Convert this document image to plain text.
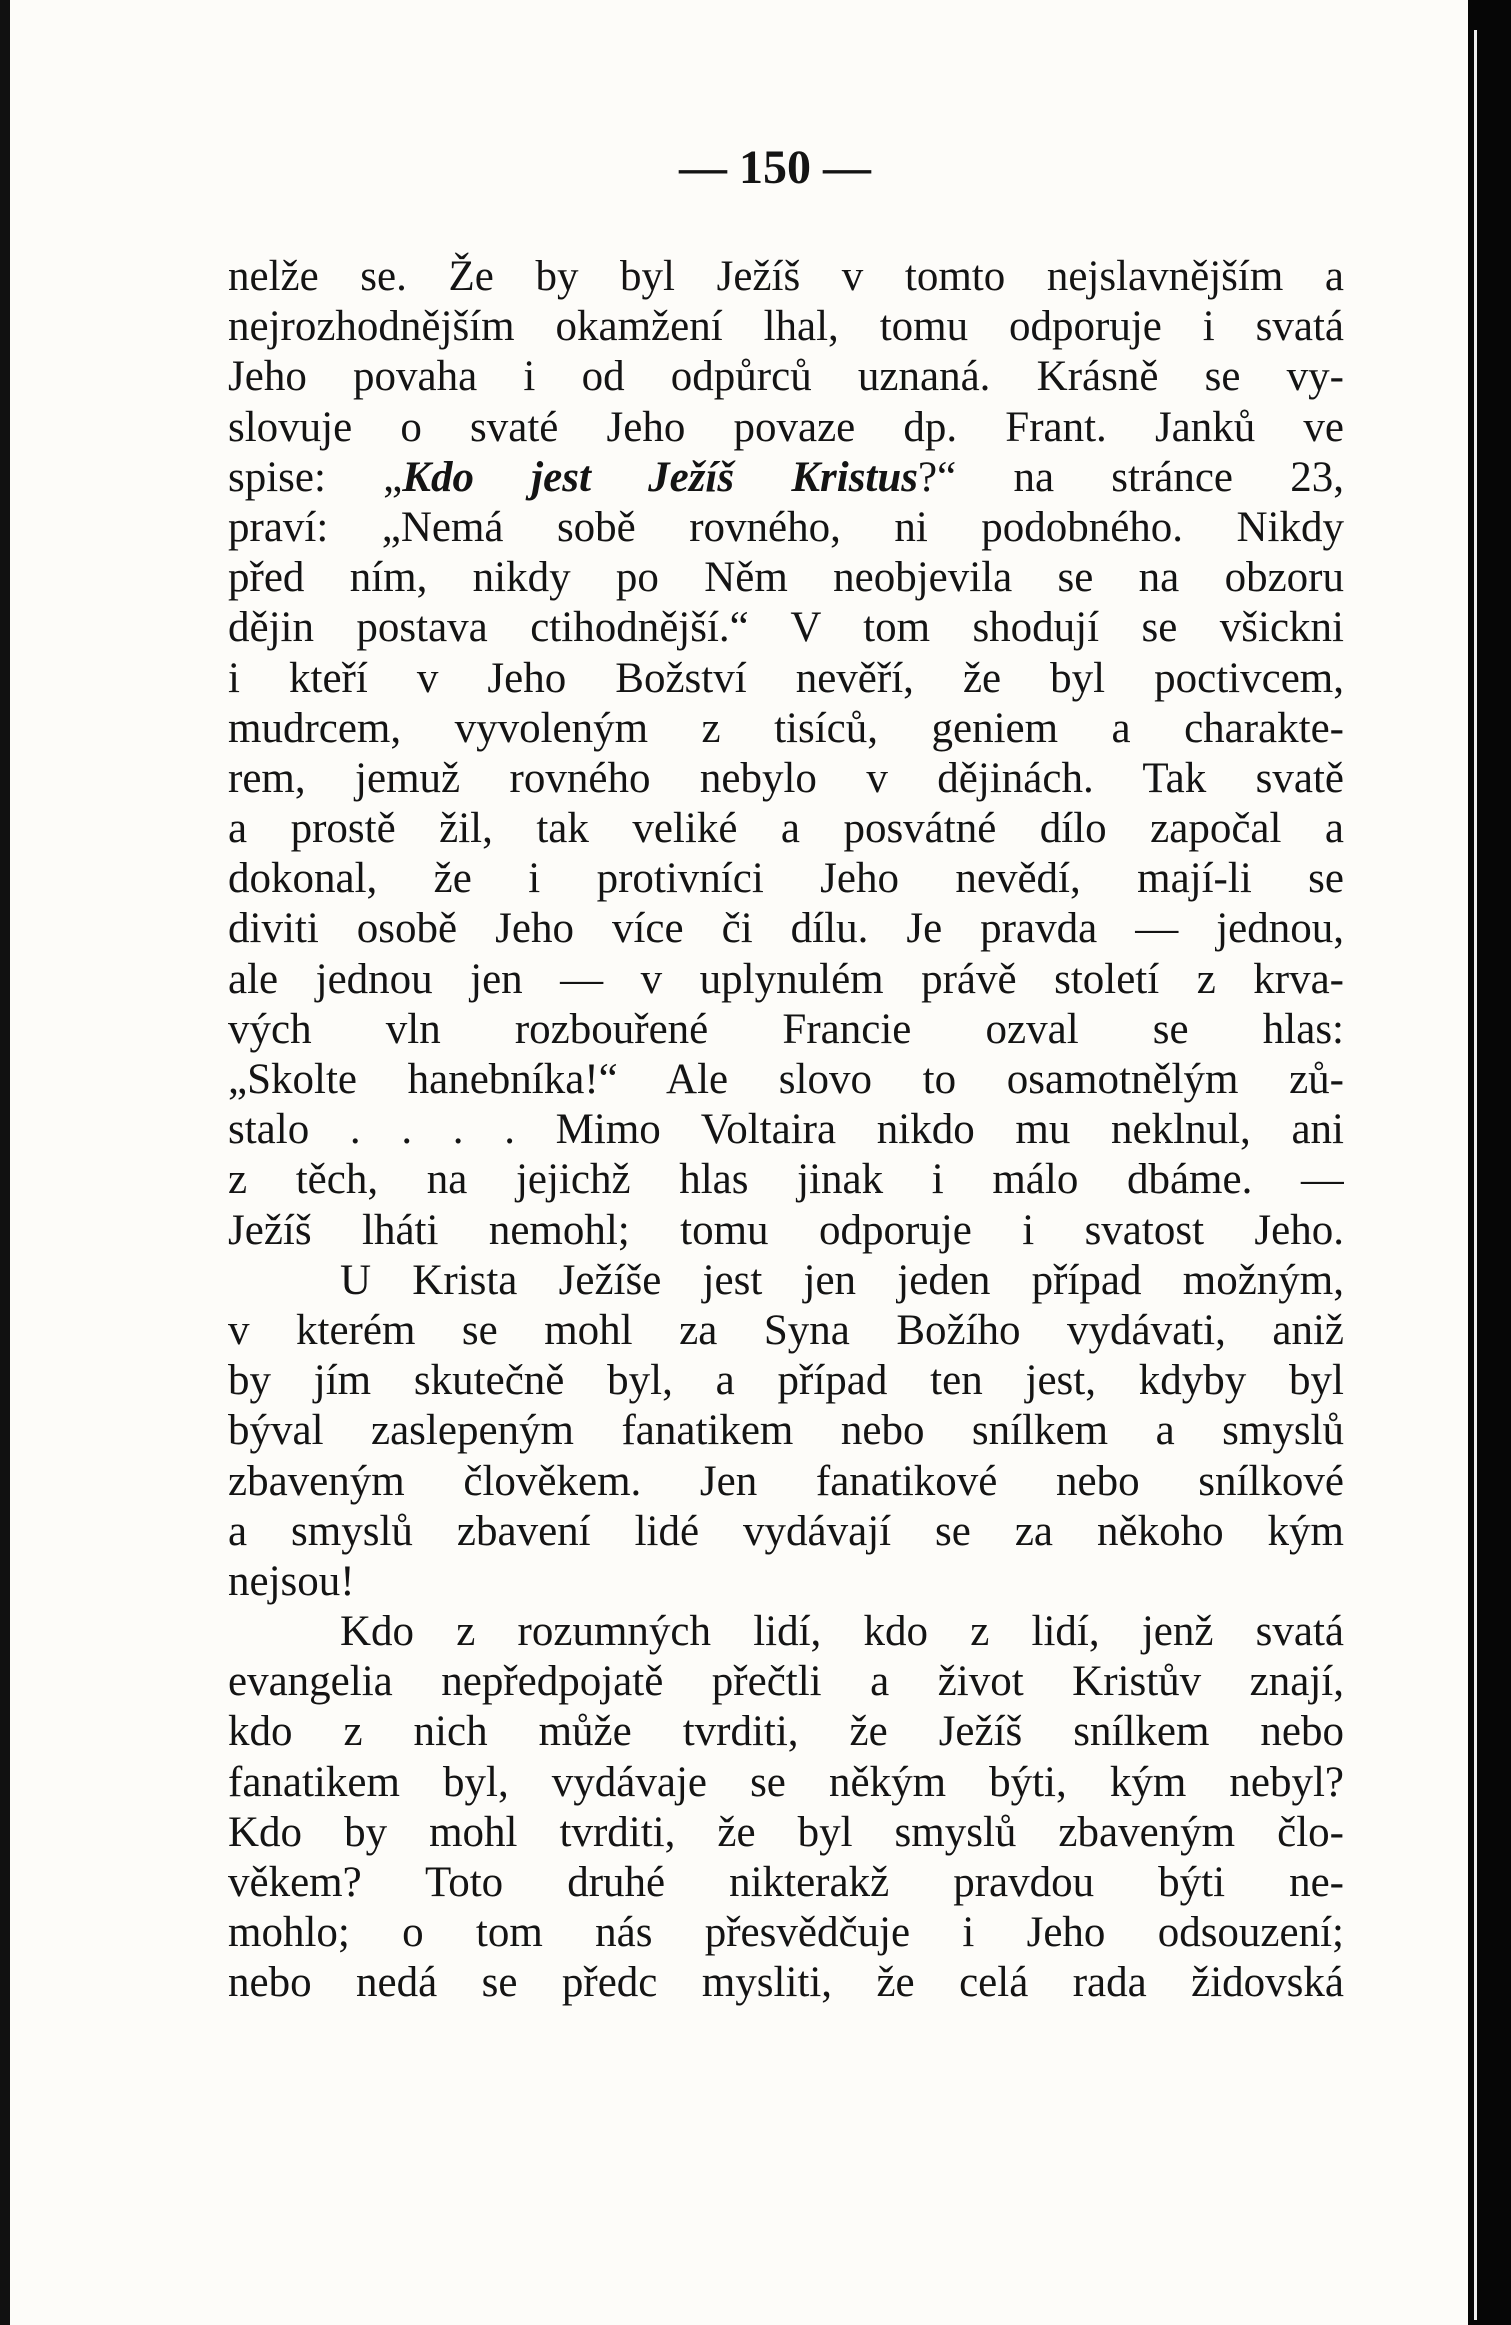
— 150 —
nelže se. Že by byl Ježíš v tomto nejslavnějším a
nejrozhodnějším okamžení lhal, tomu odporuje i svatá
Jeho povaha i od odpůrců uznaná. Krásně se vy-
slovuje o svaté Jeho povaze dp. Frant. Janků ve
spise: „Kdo jest Ježíš Kristus?“ na stránce 23,
praví: „Nemá sobě rovného, ni podobného. Nikdy
před ním, nikdy po Něm neobjevila se na obzoru
dějin postava ctihodnější.“ V tom shodují se všickni
i kteří v Jeho Božství nevěří, že byl poctivcem,
mudrcem, vyvoleným z tisíců, geniem a charakte-
rem, jemuž rovného nebylo v dějinách. Tak svatě
a prostě žil, tak veliké a posvátné dílo započal a
dokonal, že i protivníci Jeho nevědí, mají-li se
diviti osobě Jeho více či dílu. Je pravda — jednou,
ale jednou jen — v uplynulém právě století z krva-
vých vln rozbouřené Francie ozval se hlas:
„Skolte hanebníka!“ Ale slovo to osamotnělým zů-
stalo . . . . Mimo Voltaira nikdo mu neklnul, ani
z těch, na jejichž hlas jinak i málo dbáme. —
Ježíš lháti nemohl; tomu odporuje i svatost Jeho.
U Krista Ježíše jest jen jeden případ možným,
v kterém se mohl za Syna Božího vydávati, aniž
by jím skutečně byl, a případ ten jest, kdyby byl
býval zaslepeným fanatikem nebo snílkem a smyslů
zbaveným člověkem. Jen fanatikové nebo snílkové
a smyslů zbavení lidé vydávají se za někoho kým
nejsou!
Kdo z rozumných lidí, kdo z lidí, jenž svatá
evangelia nepředpojatě přečtli a život Kristův znají,
kdo z nich může tvrditi, že Ježíš snílkem nebo
fanatikem byl, vydávaje se někým býti, kým nebyl?
Kdo by mohl tvrditi, že byl smyslů zbaveným člo-
věkem? Toto druhé nikterakž pravdou býti ne-
mohlo; o tom nás přesvědčuje i Jeho odsouzení;
nebo nedá se předc mysliti, že celá rada židovská
